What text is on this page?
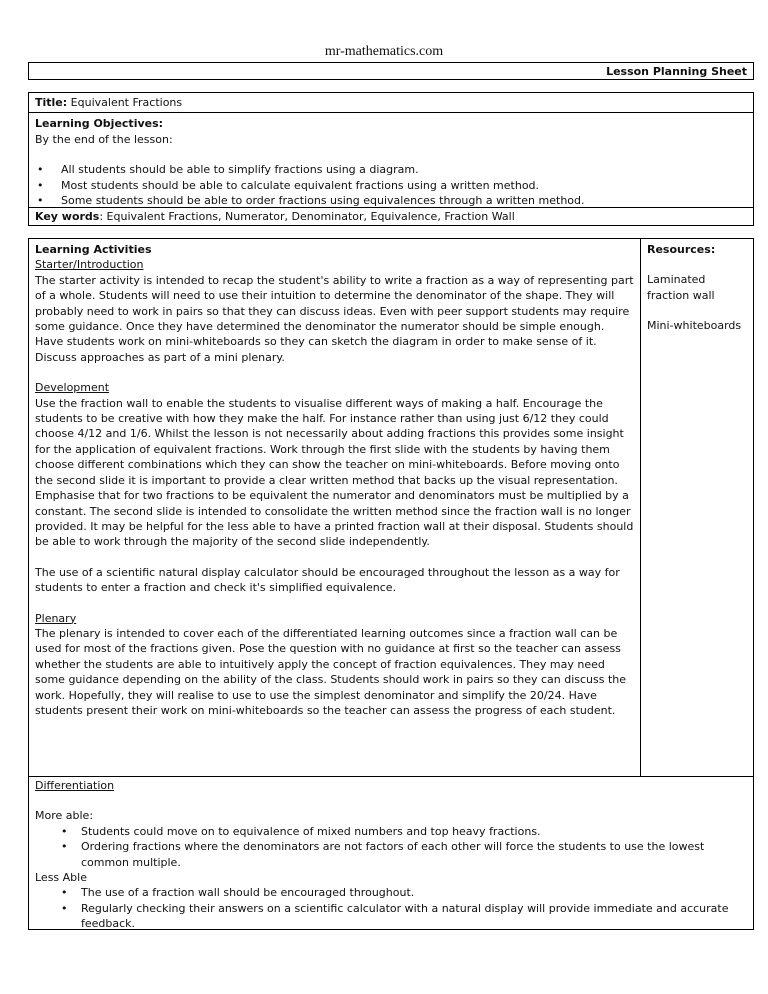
mr-mathematics.com
Lesson Planning Sheet
Title: Equivalent Fractions
Learning Objectives:
By the end of the lesson:
• All students should be able to simplify fractions using a diagram.
• Most students should be able to calculate equivalent fractions using a written method.
• Some students should be able to order fractions using equivalences through a written method.
Key words: Equivalent Fractions, Numerator, Denominator, Equivalence, Fraction Wall
Learning Activities
Starter/Introduction

The starter activity is intended to recap the student's ability to write a fraction as a way of representing part of a whole. Students will need to use their intuition to determine the denominator of the shape. They will probably need to work in pairs so that they can discuss ideas. Even with peer support students may require some guidance. Once they have determined the denominator the numerator should be simple enough. Have students work on mini-whiteboards so they can sketch the diagram in order to make sense of it. Discuss approaches as part of a mini plenary.

Development

Use the fraction wall to enable the students to visualise different ways of making a half. Encourage the students to be creative with how they make the half. For instance rather than using just 6/12 they could choose 4/12 and 1/6. Whilst the lesson is not necessarily about adding fractions this provides some insight for the application of equivalent fractions. Work through the first slide with the students by having them choose different combinations which they can show the teacher on mini-whiteboards. Before moving onto the second slide it is important to provide a clear written method that backs up the visual representation. Emphasise that for two fractions to be equivalent the numerator and denominators must be multiplied by a constant. The second slide is intended to consolidate the written method since the fraction wall is no longer provided. It may be helpful for the less able to have a printed fraction wall at their disposal. Students should be able to work through the majority of the second slide independently.

The use of a scientific natural display calculator should be encouraged throughout the lesson as a way for students to enter a fraction and check it's simplified equivalence.

Plenary

The plenary is intended to cover each of the differentiated learning outcomes since a fraction wall can be used for most of the fractions given. Pose the question with no guidance at first so the teacher can assess whether the students are able to intuitively apply the concept of fraction equivalences. They may need some guidance depending on the ability of the class. Students should work in pairs so they can discuss the work. Hopefully, they will realise to use to use the simplest denominator and simplify the 20/24. Have students present their work on mini-whiteboards so the teacher can assess the progress of each student.

Resources:
Laminated fraction wall
Mini-whiteboards
Differentiation
More able:
• Students could move on to equivalence of mixed numbers and top heavy fractions.
• Ordering fractions where the denominators are not factors of each other will force the students to use the lowest common multiple.
Less Able
• The use of a fraction wall should be encouraged throughout.
• Regularly checking their answers on a scientific calculator with a natural display will provide immediate and accurate feedback.
